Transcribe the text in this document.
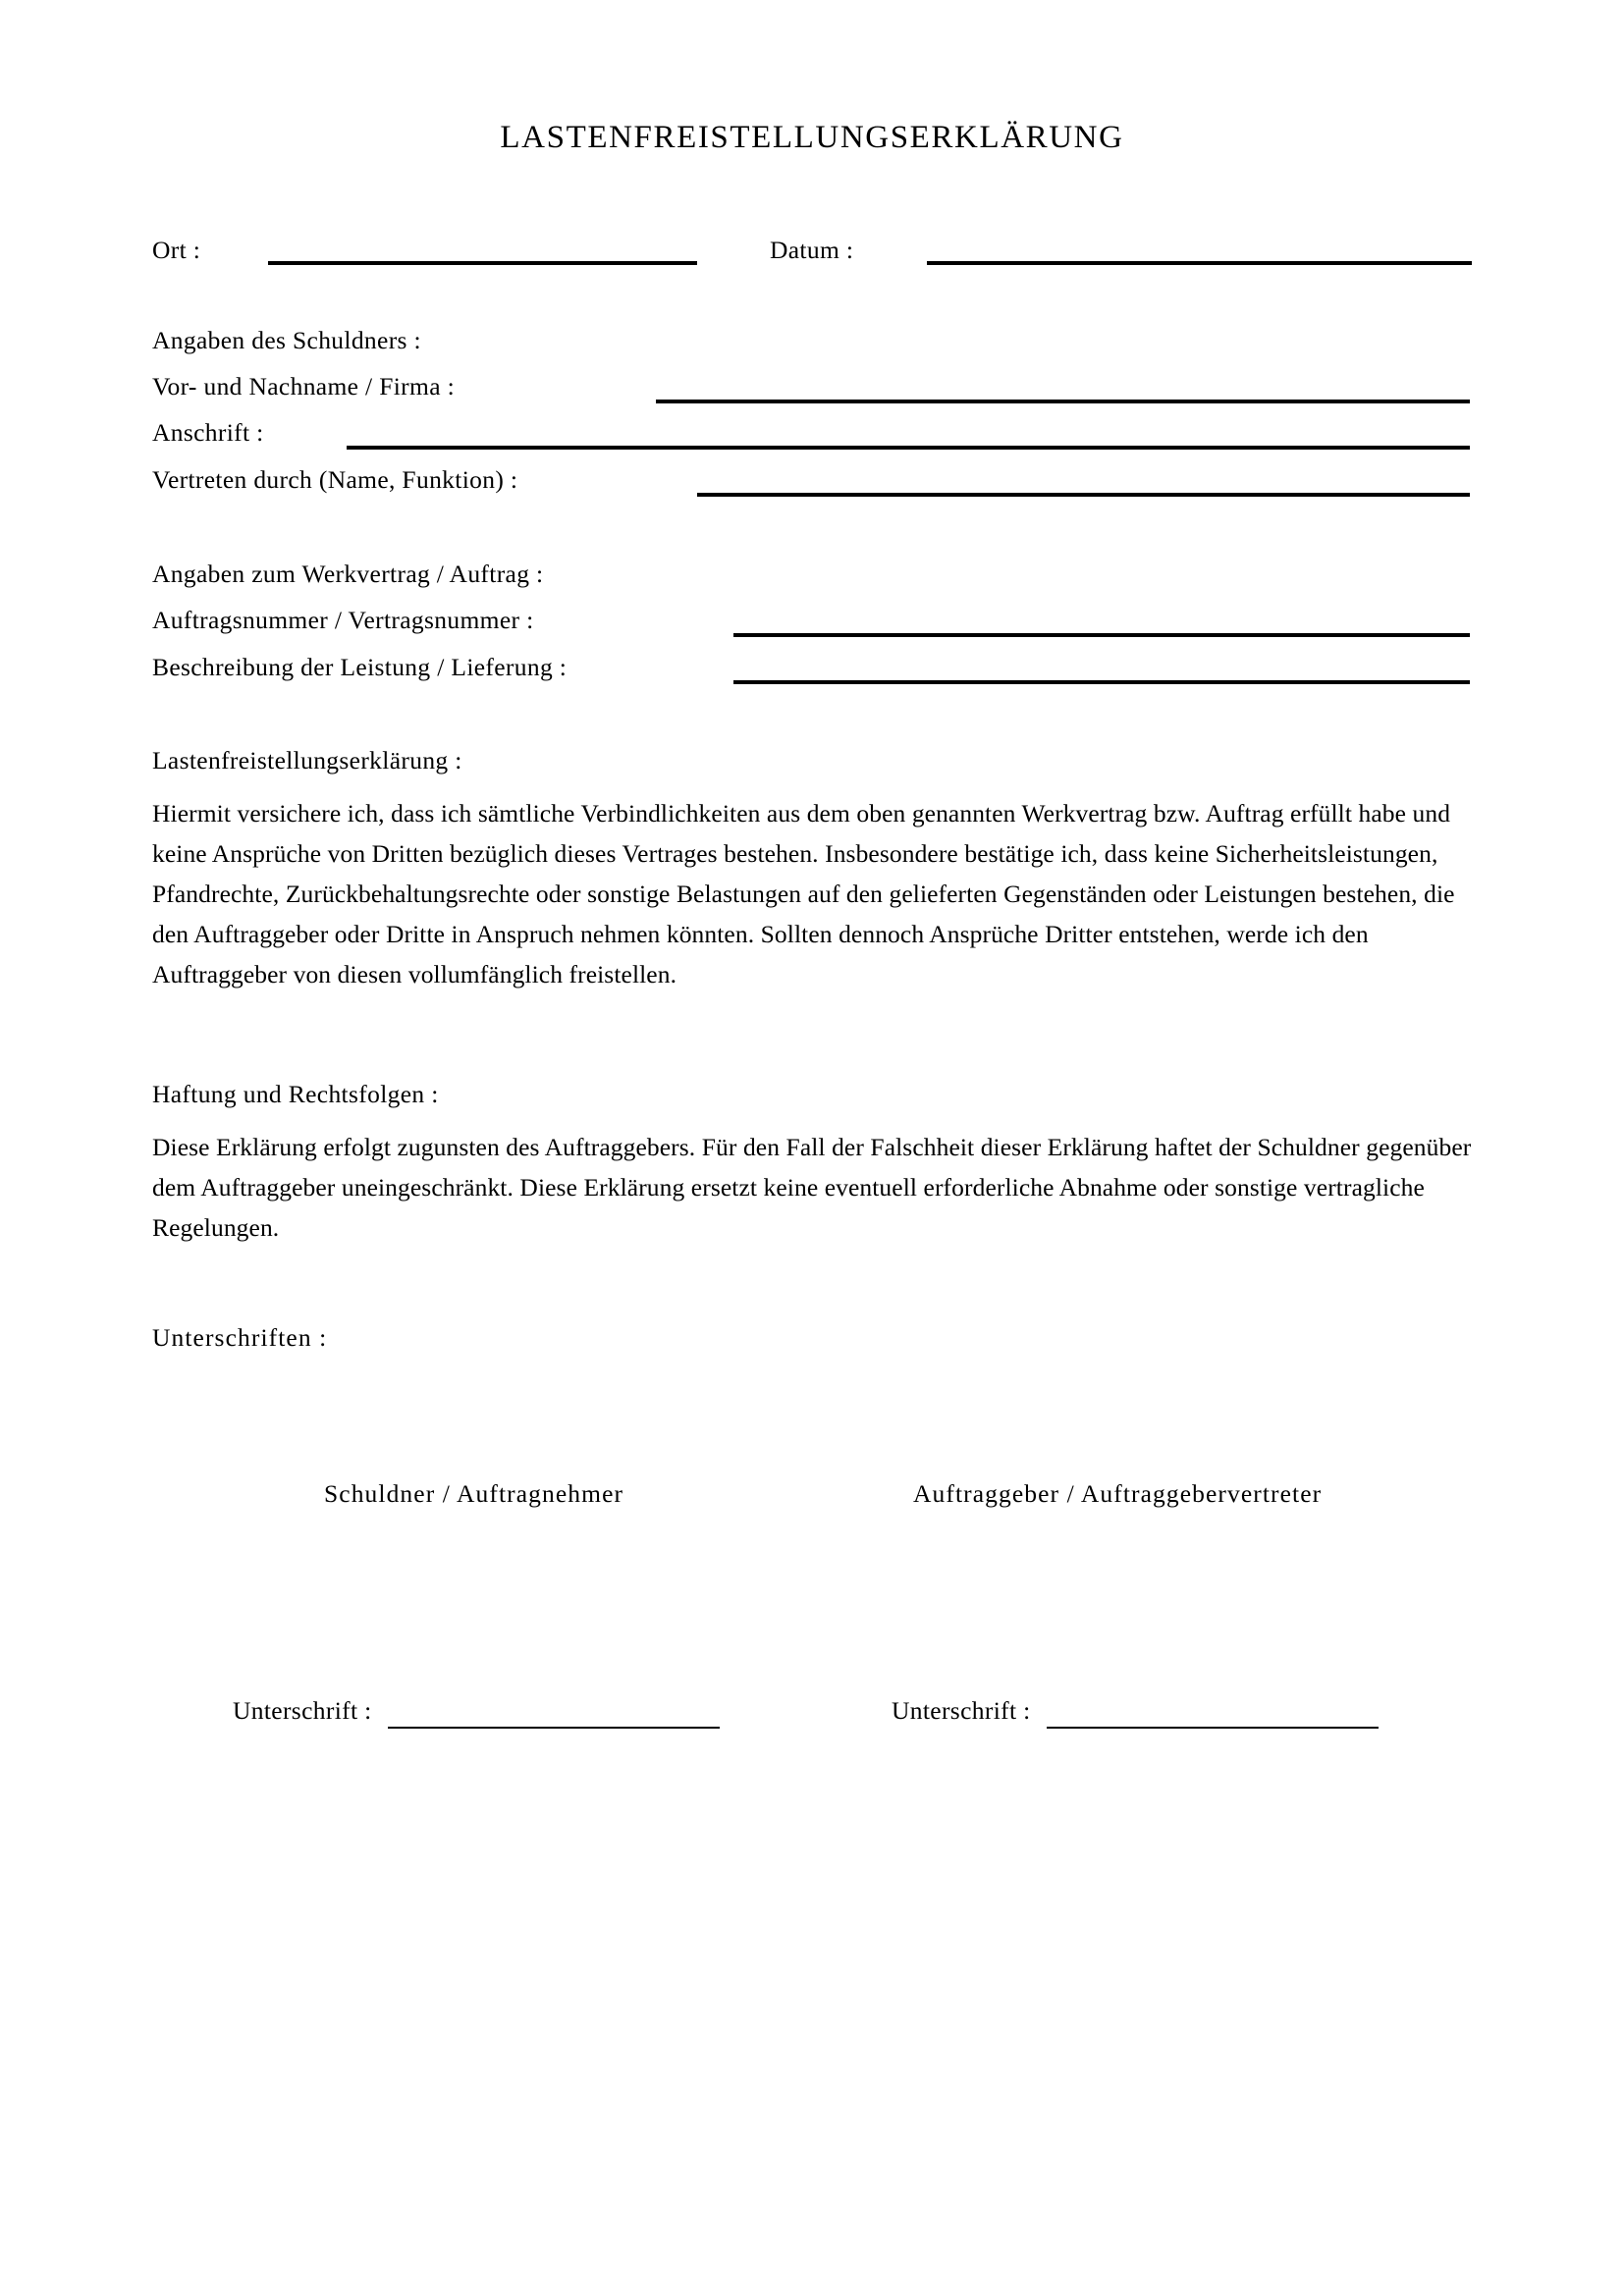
LASTENFREISTELLUNGSERKLÄRUNG
Ort :	Datum :
Angaben des Schuldners :
Vor- und Nachname / Firma :
Anschrift :
Vertreten durch (Name, Funktion) :
Angaben zum Werkvertrag / Auftrag :
Auftragsnummer / Vertragsnummer :
Beschreibung der Leistung / Lieferung :
Lastenfreistellungserklärung :
Hiermit versichere ich, dass ich sämtliche Verbindlichkeiten aus dem oben genannten Werkvertrag bzw. Auftrag erfüllt habe und keine Ansprüche von Dritten bezüglich dieses Vertrages bestehen. Insbesondere bestätige ich, dass keine Sicherheitsleistungen, Pfandrechte, Zurückbehaltungsrechte oder sonstige Belastungen auf den gelieferten Gegenständen oder Leistungen bestehen, die den Auftraggeber oder Dritte in Anspruch nehmen könnten. Sollten dennoch Ansprüche Dritter entstehen, werde ich den Auftraggeber von diesen vollumfänglich freistellen.
Haftung und Rechtsfolgen :
Diese Erklärung erfolgt zugunsten des Auftraggebers. Für den Fall der Falschheit dieser Erklärung haftet der Schuldner gegenüber dem Auftraggeber uneingeschränkt. Diese Erklärung ersetzt keine eventuell erforderliche Abnahme oder sonstige vertragliche Regelungen.
Unterschriften :
Schuldner / Auftragnehmer	Auftraggeber / Auftraggebervertreter
Unterschrift :	Unterschrift :
